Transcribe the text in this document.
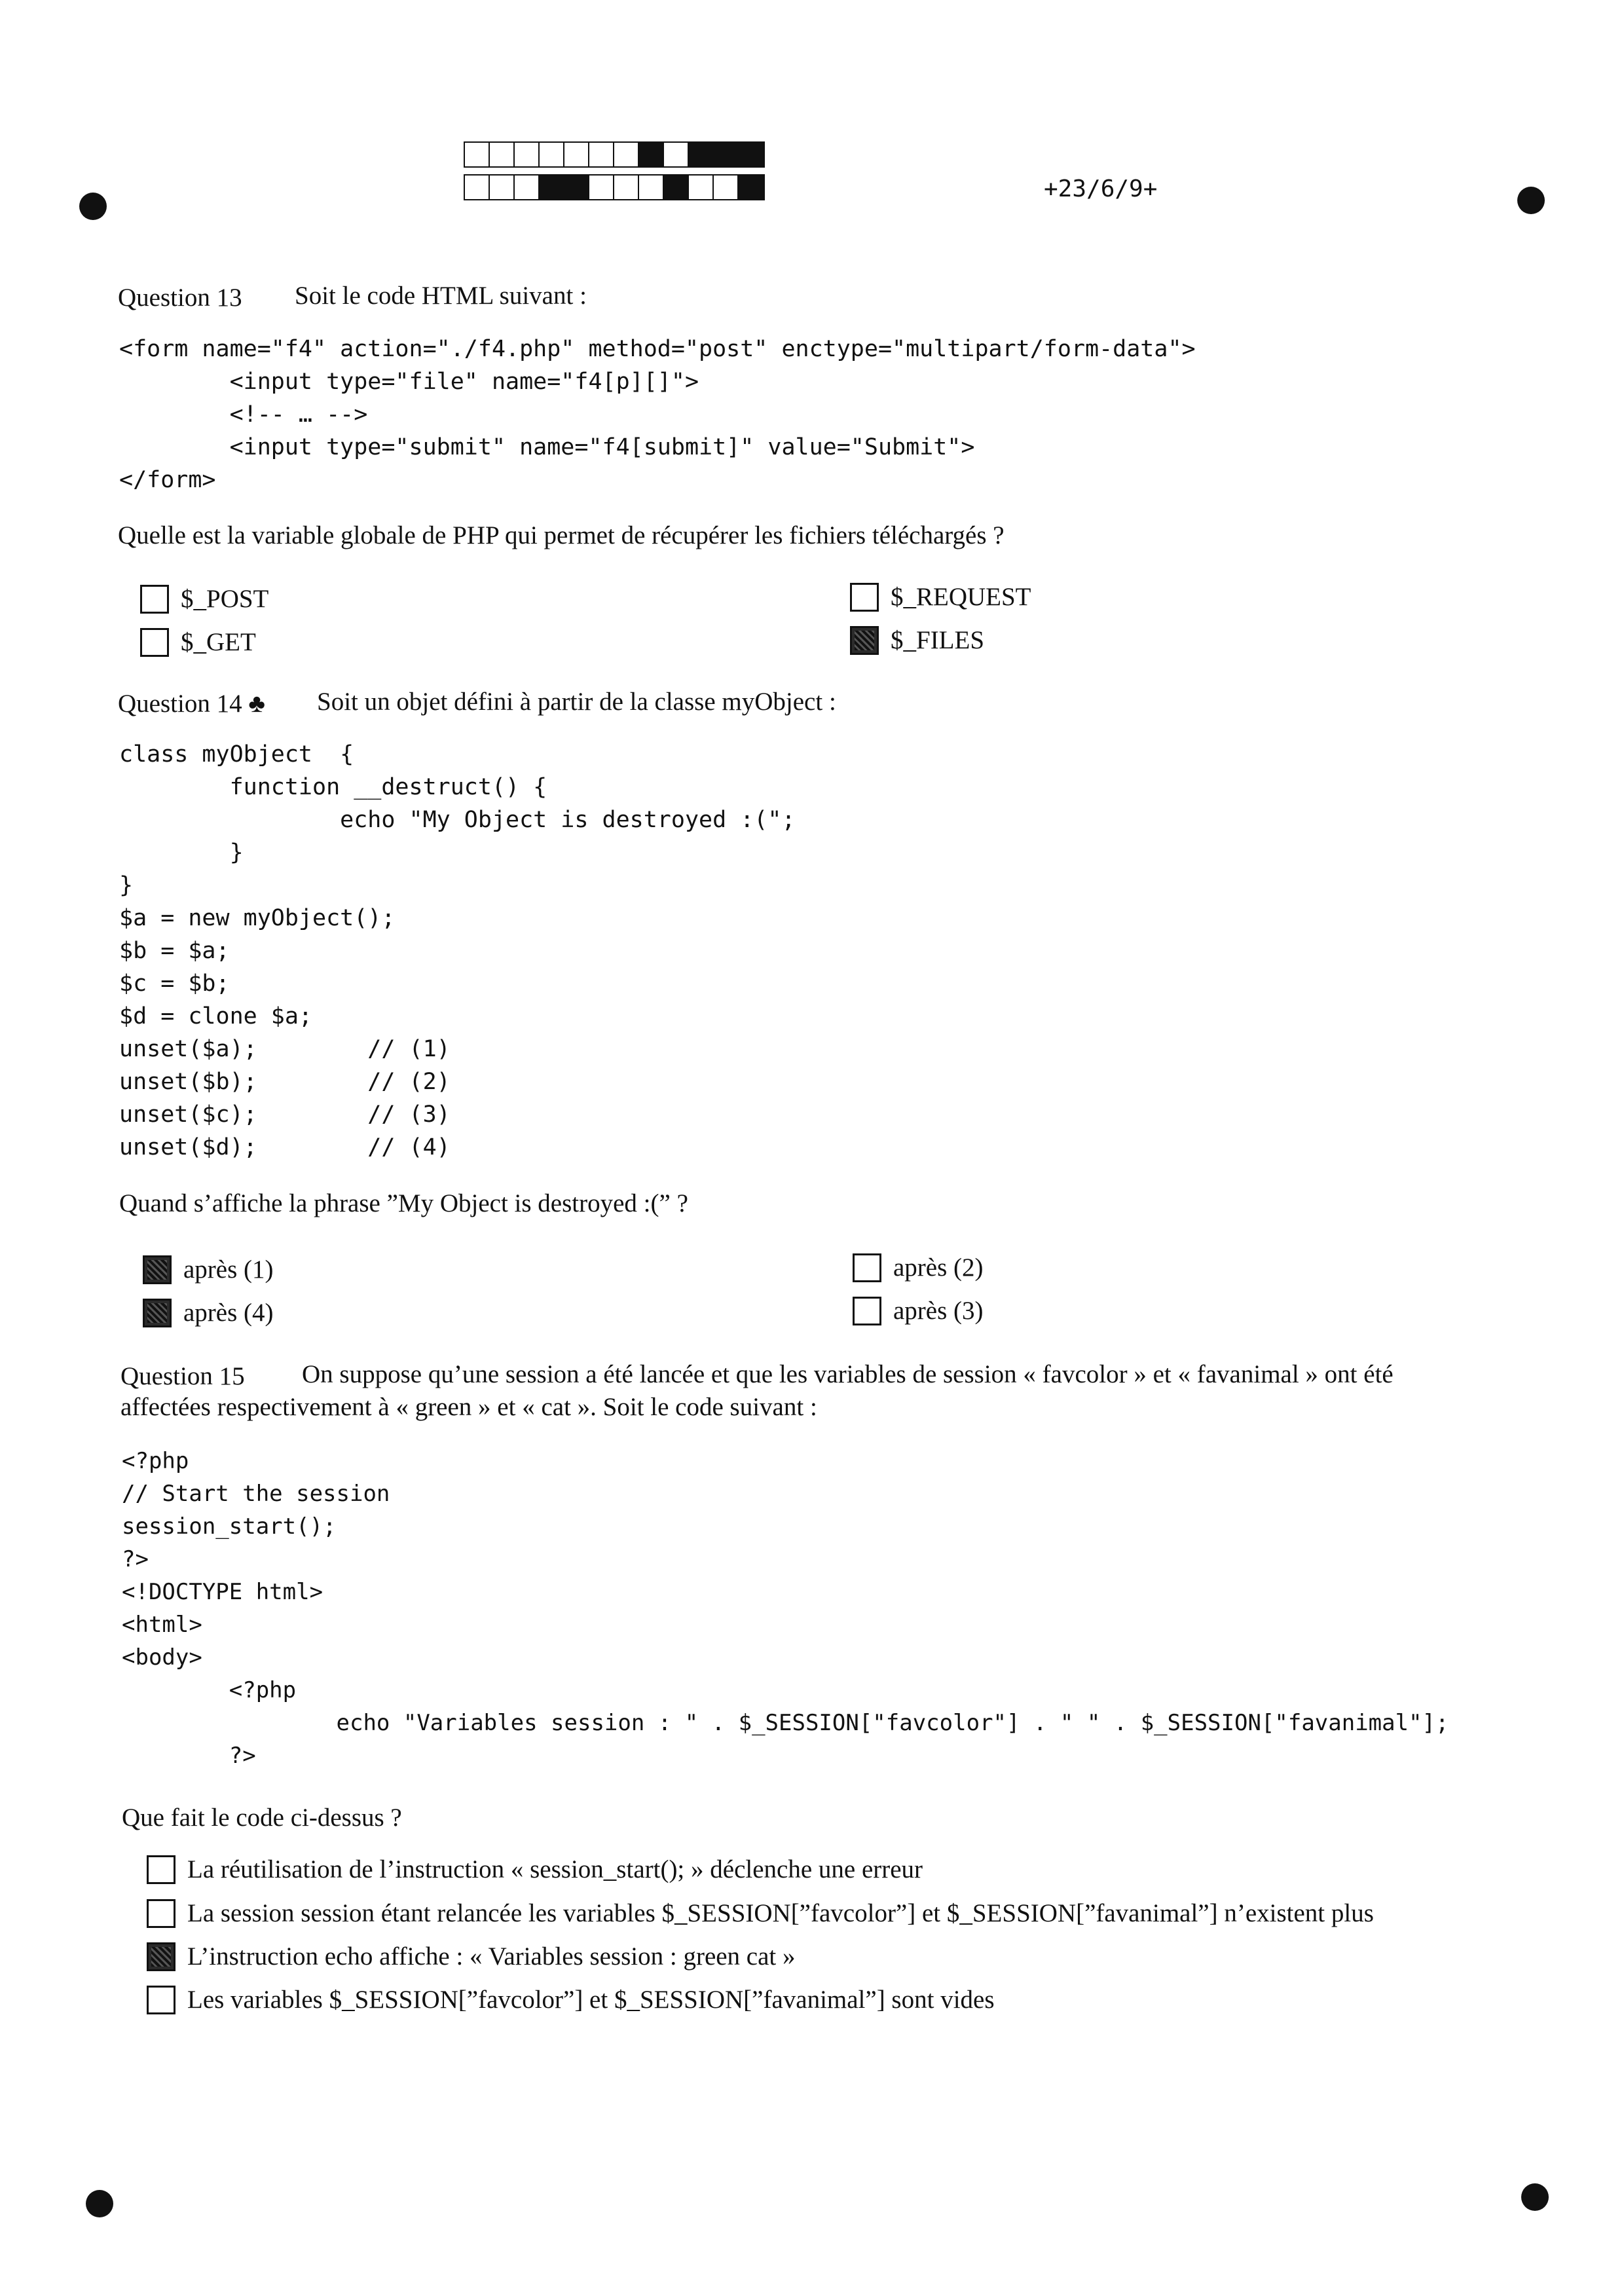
+23/6/9+
Question 13 Soit le code HTML suivant :
<form name="f4" action="./f4.php" method="post" enctype="multipart/form-data">
<input type="file" name="f4[p][]">
<!-- … -->
<input type="submit" name="f4[submit]" value="Submit">
</form>
Quelle est la variable globale de PHP qui permet de récupérer les fichiers téléchargés ?
$_POST
$_GET
$_REQUEST
$_FILES
Question 14 ♣ Soit un objet défini à partir de la classe myObject :
class myObject  {
function __destruct() {
echo "My Object is destroyed :(";
}
}
$a = new myObject();
$b = $a;
$c = $b;
$d = clone $a;
unset($a);        // (1)
unset($b);        // (2)
unset($c);        // (3)
unset($d);        // (4)
Quand s’affiche la phrase ”My Object is destroyed :(” ?
après (1)
après (4)
après (2)
après (3)
Question 15 On suppose qu’une session a été lancée et que les variables de session « favcolor » et « favanimal » ont été
affectées respectivement à « green » et « cat ». Soit le code suivant :
<?php
// Start the session
session_start();
?>
<!DOCTYPE html>
<html>
<body>
<?php
echo "Variables session : " . $_SESSION["favcolor"] . " " . $_SESSION["favanimal"];
?>
Que fait le code ci-dessus ?
La réutilisation de l’instruction « session_start(); » déclenche une erreur
La session session étant relancée les variables $_SESSION[”favcolor”] et $_SESSION[”favanimal”] n’existent plus
L’instruction echo affiche : « Variables session : green cat »
Les variables $_SESSION[”favcolor”] et $_SESSION[”favanimal”] sont vides
